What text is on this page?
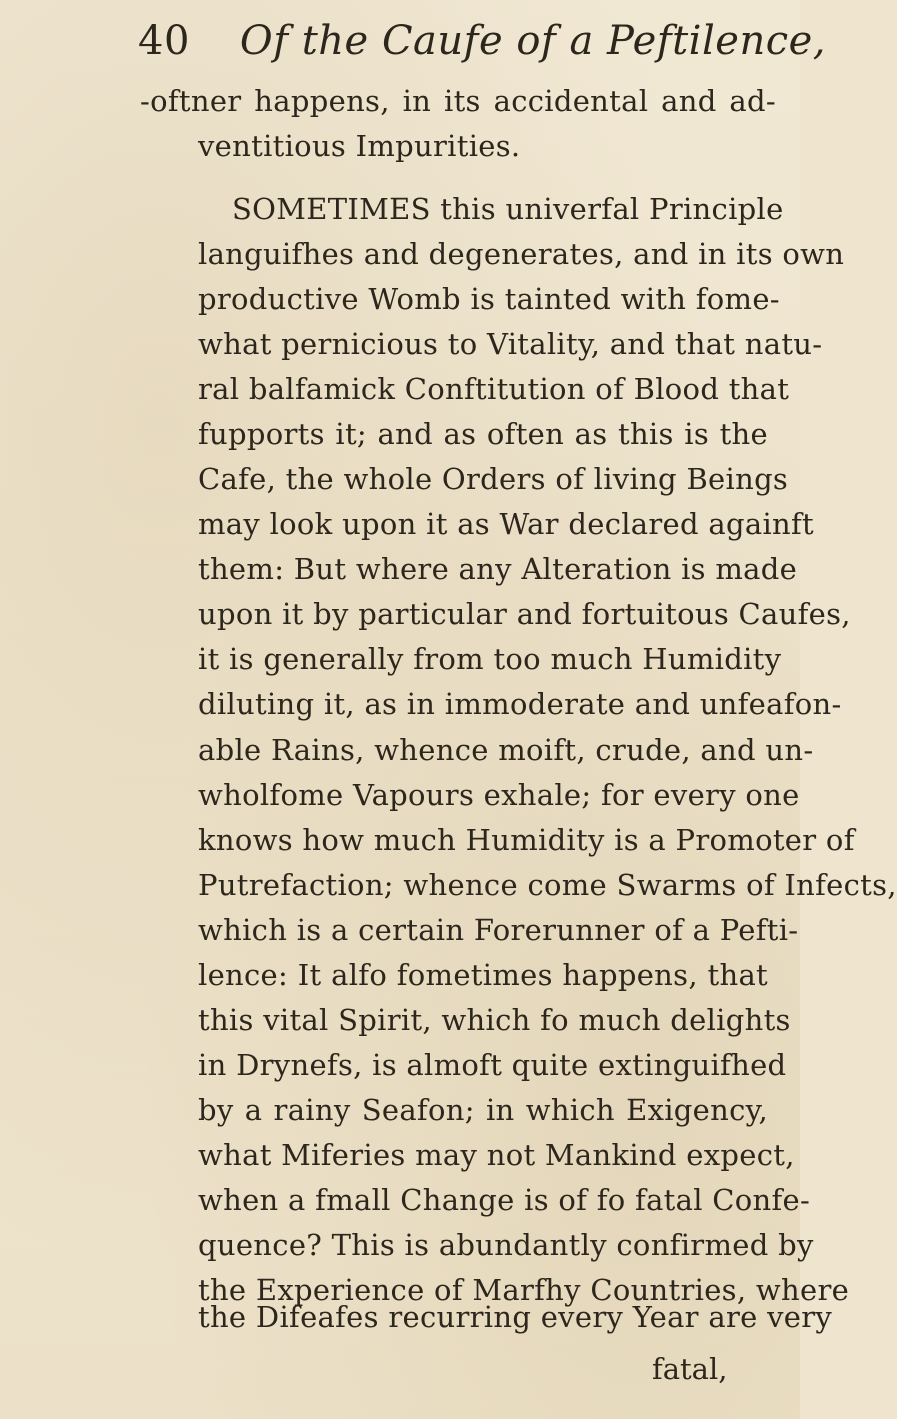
40 Of the Caufe of a Peftilence,
-oftner happens, in its accidental and ad-
ventitious Impurities.
SOMETIMES this univerfal Principle
languifhes and degenerates, and in its own
productive Womb is tainted with fome-
what pernicious to Vitality, and that natu-
ral balfamick Conftitution of Blood that
fupports it; and as often as this is the
Cafe, the whole Orders of living Beings
may look upon it as War declared againft
them: But where any Alteration is made
upon it by particular and fortuitous Caufes,
it is generally from too much Humidity
diluting it, as in immoderate and unfeafon-
able Rains, whence moift, crude, and un-
wholfome Vapours exhale; for every one
knows how much Humidity is a Promoter of
Putrefaction; whence come Swarms of Infects,
which is a certain Forerunner of a Pefti-
lence: It alfo fometimes happens, that
this vital Spirit, which fo much delights
in Drynefs, is almoft quite extinguifhed
by a rainy Seafon; in which Exigency,
what Miferies may not Mankind expect,
when a fmall Change is of fo fatal Confe-
quence? This is abundantly confirmed by
the Experience of Marfhy Countries, where
the Difeafes recurring every Year are very
fatal,
